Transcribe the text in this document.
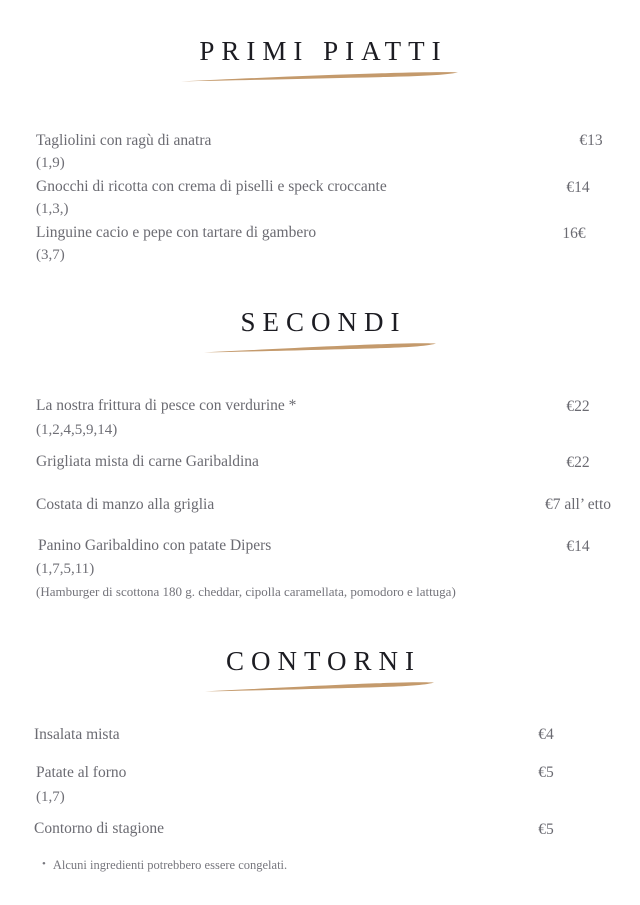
PRIMI PIATTI
Tagliolini con ragù di anatra	€13
(1,9)
Gnocchi di ricotta con crema di piselli e speck croccante	€14
(1,3,)
Linguine cacio e pepe con tartare di gambero	16€
(3,7)
SECONDI
La nostra frittura di pesce con verdurine *	€22
(1,2,4,5,9,14)
Grigliata mista di carne Garibaldina	€22
Costata di manzo alla griglia	€7 all’ etto
Panino Garibaldino con patate Dipers	€14
(1,7,5,11)
(Hamburger di scottona 180 g. cheddar, cipolla caramellata, pomodoro e lattuga)
CONTORNI
Insalata mista	€4
Patate al forno	€5
(1,7)
Contorno di stagione	€5
• Alcuni ingredienti potrebbero essere congelati.
